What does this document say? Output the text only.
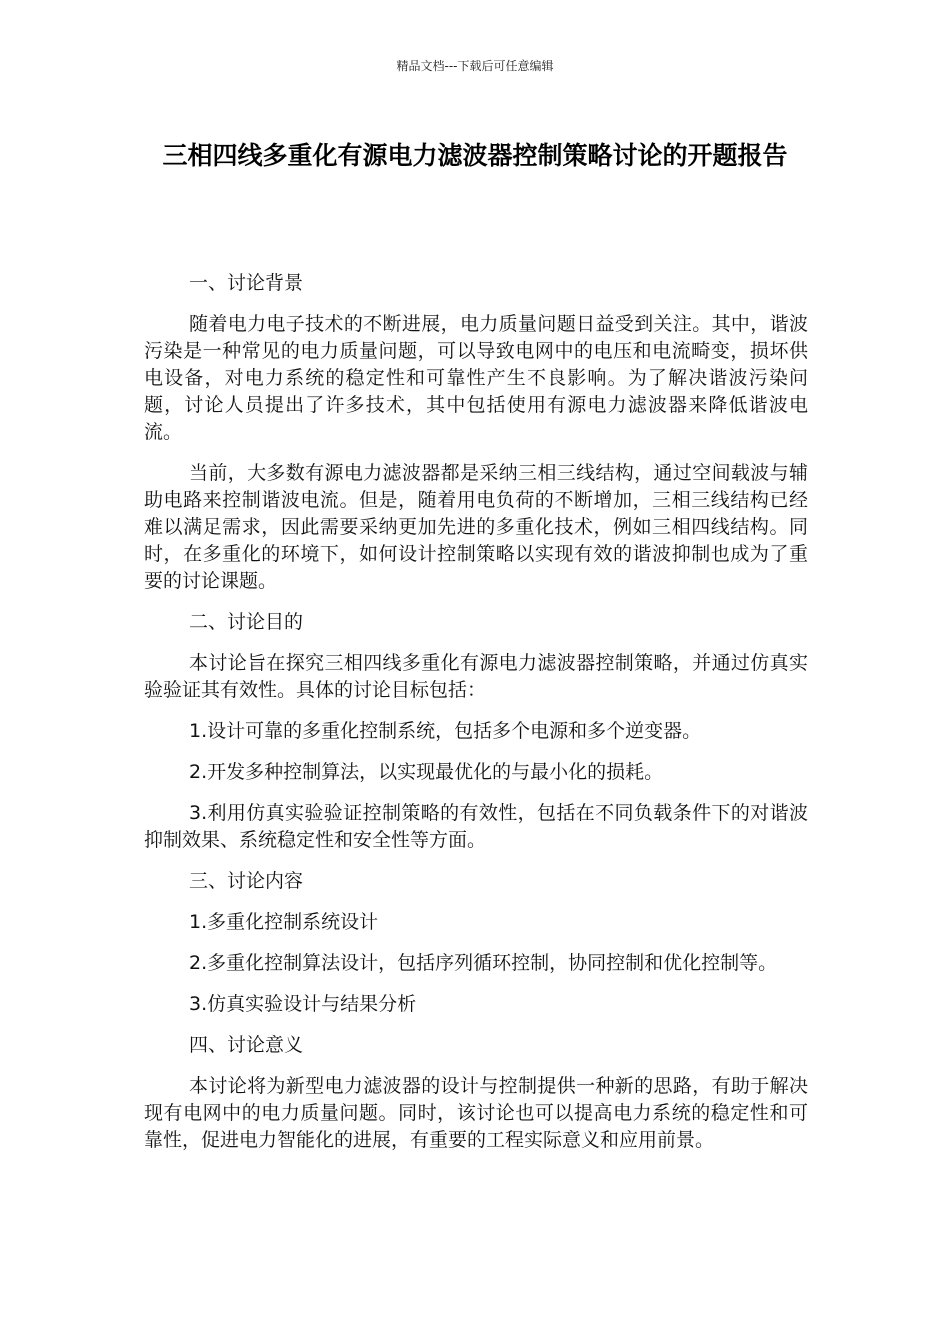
精品文档---下载后可任意编辑
三相四线多重化有源电力滤波器控制策略讨论的开题报告

一、讨论背景

随着电力电子技术的不断进展，电力质量问题日益受到关注。其中，谐波污染是一种常见的电力质量问题，可以导致电网中的电压和电流畸变，损坏供电设备，对电力系统的稳定性和可靠性产生不良影响。为了解决谐波污染问题，讨论人员提出了许多技术，其中包括使用有源电力滤波器来降低谐波电流。

当前，大多数有源电力滤波器都是采纳三相三线结构，通过空间载波与辅助电路来控制谐波电流。但是，随着用电负荷的不断增加，三相三线结构已经难以满足需求，因此需要采纳更加先进的多重化技术，例如三相四线结构。同时，在多重化的环境下，如何设计控制策略以实现有效的谐波抑制也成为了重要的讨论课题。

二、讨论目的

本讨论旨在探究三相四线多重化有源电力滤波器控制策略，并通过仿真实验验证其有效性。具体的讨论目标包括：

1.设计可靠的多重化控制系统，包括多个电源和多个逆变器。

2.开发多种控制算法，以实现最优化的与最小化的损耗。

3.利用仿真实验验证控制策略的有效性，包括在不同负载条件下的对谐波抑制效果、系统稳定性和安全性等方面。

三、讨论内容

1.多重化控制系统设计

2.多重化控制算法设计，包括序列循环控制，协同控制和优化控制等。

3.仿真实验设计与结果分析

四、讨论意义

本讨论将为新型电力滤波器的设计与控制提供一种新的思路，有助于解决现有电网中的电力质量问题。同时，该讨论也可以提高电力系统的稳定性和可靠性，促进电力智能化的进展，有重要的工程实际意义和应用前景。
